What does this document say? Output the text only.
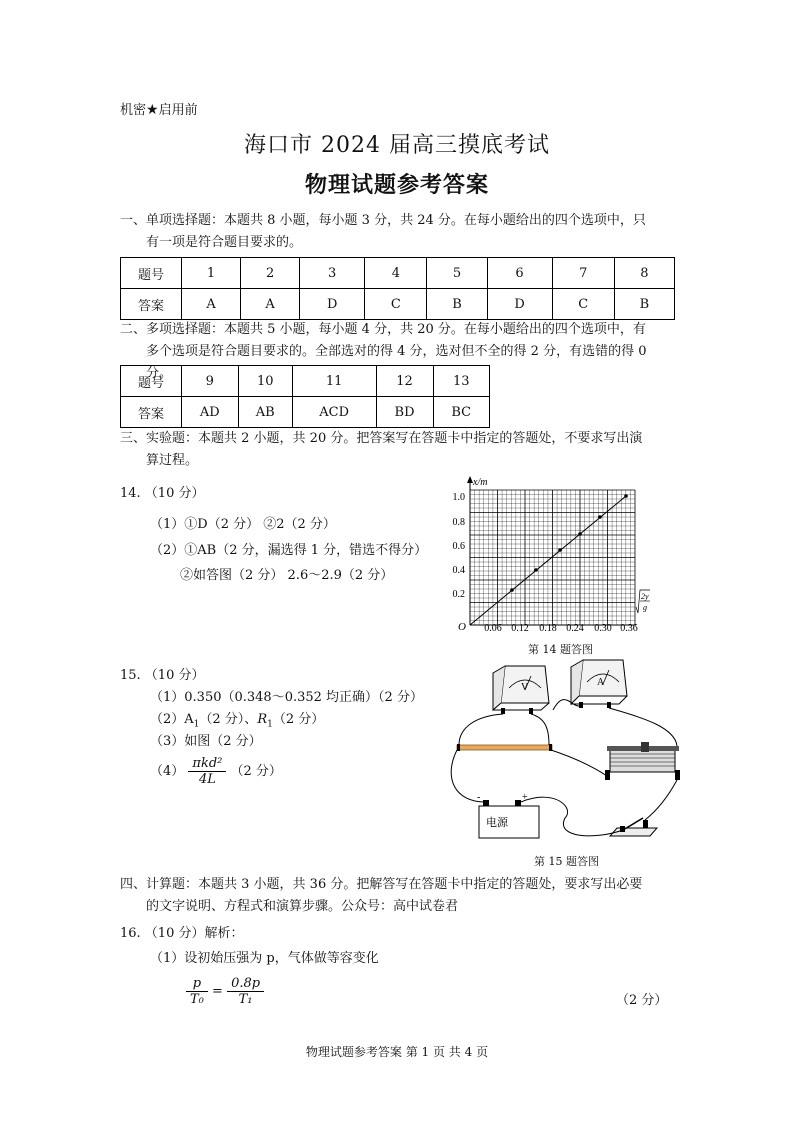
机密★启用前
海口市 2024 届高三摸底考试
物理试题参考答案
一、单项选择题：本题共 8 小题，每小题 3 分，共 24 分。在每小题给出的四个选项中，只
有一项是符合题目要求的。
题号	1	2	3	4	5	6	7	8
答案	A	A	D	C	B	D	C	B
二、多项选择题：本题共 5 小题，每小题 4 分，共 20 分。在每小题给出的四个选项中，有
多个选项是符合题目要求的。全部选对的得 4 分，选对但不全的得 2 分，有选错的得 0 分。
题号	9	10	11	12	13
答案	AD	AB	ACD	BD	BC
三、实验题：本题共 2 小题，共 20 分。把答案写在答题卡中指定的答题处，不要求写出演
算过程。
14. （10 分）
（1）①D（2 分） ②2（2 分）
（2）①AB（2 分，漏选得 1 分，错选不得分）
②如答图（2 分） 2.6～2.9（2 分）
x/m
O
0.2
0.4
0.6
0.8
1.0
0.06 0.12 0.18 0.24 0.30 0.36
2y
g
第 14 题答图
15. （10 分）
（1）0.350（0.348～0.352 均正确）（2 分）
$(2)A_1(2$ 分）、$R_1(2$ 分）
（3）如图（2 分）
$(4) \frac{\text{πkd²}}{4L} (2$ 分）
V	A
-	+
电源
第 15 题答图
四、计算题：本题共 3 小题，共 36 分。把解答写在答题卡中指定的答题处，要求写出必要
的文字说明、方程式和演算步骤。公众号：高中试卷君
16. （10 分）解析：
（1）设初始压强为 p，气体做等容变化
$\frac{p}{\text{T₀}} = \frac{0.8p}{\text{T₁}}$	（2 分）
物理试题参考答案 第 1 页 共 4 页
